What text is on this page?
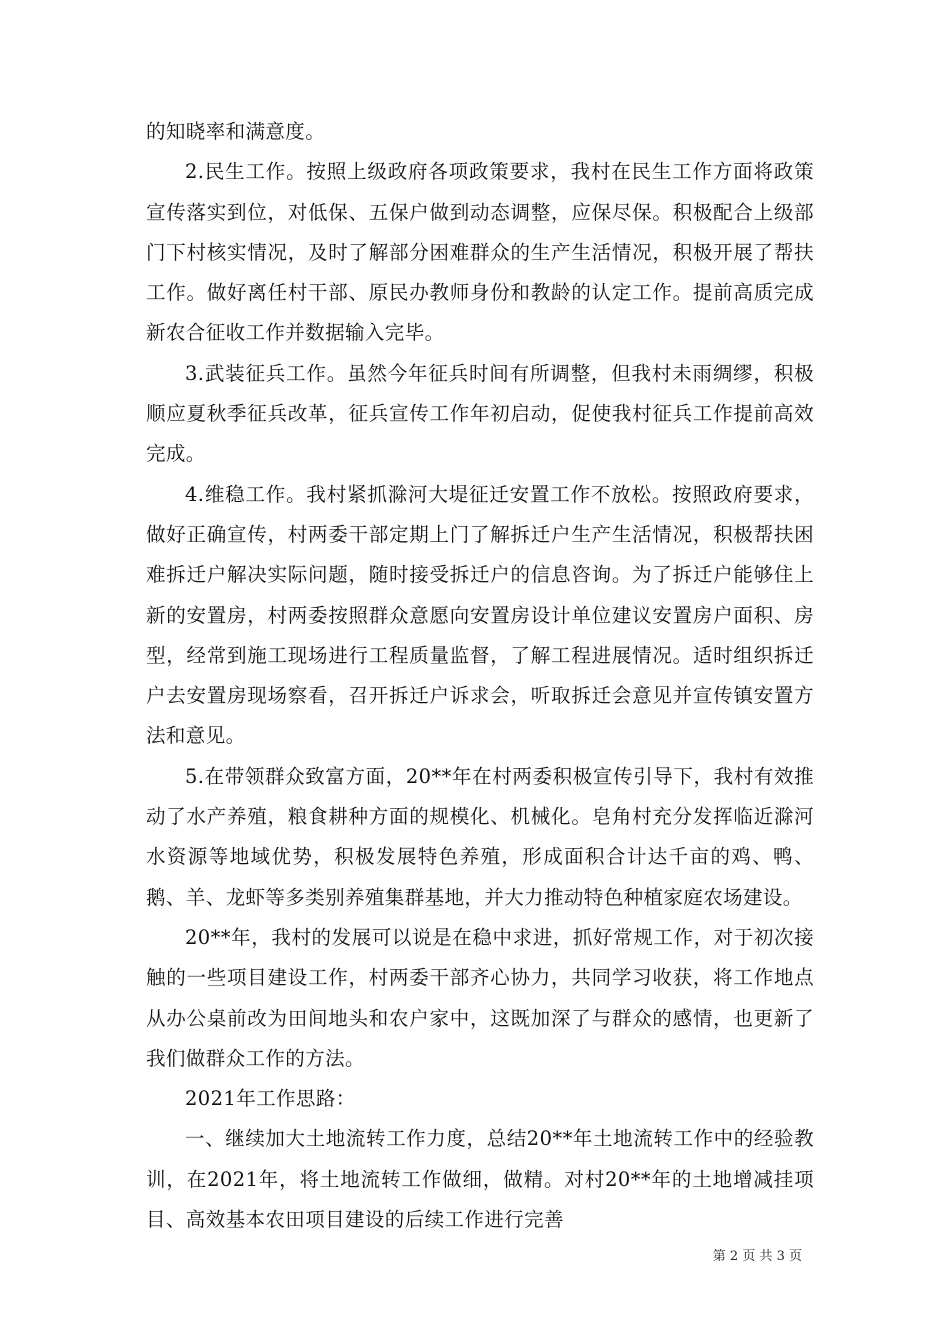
的知晓率和满意度。

2.民生工作。按照上级政府各项政策要求，我村在民生工作方面将政策宣传落实到位，对低保、五保户做到动态调整，应保尽保。积极配合上级部门下村核实情况，及时了解部分困难群众的生产生活情况，积极开展了帮扶工作。做好离任村干部、原民办教师身份和教龄的认定工作。提前高质完成新农合征收工作并数据输入完毕。

3.武装征兵工作。虽然今年征兵时间有所调整，但我村未雨绸缪，积极顺应夏秋季征兵改革，征兵宣传工作年初启动，促使我村征兵工作提前高效完成。

4.维稳工作。我村紧抓滁河大堤征迁安置工作不放松。按照政府要求，做好正确宣传，村两委干部定期上门了解拆迁户生产生活情况，积极帮扶困难拆迁户解决实际问题，随时接受拆迁户的信息咨询。为了拆迁户能够住上新的安置房，村两委按照群众意愿向安置房设计单位建议安置房户面积、房型，经常到施工现场进行工程质量监督，了解工程进展情况。适时组织拆迁户去安置房现场察看，召开拆迁户诉求会，听取拆迁会意见并宣传镇安置方法和意见。

5.在带领群众致富方面，20**年在村两委积极宣传引导下，我村有效推动了水产养殖，粮食耕种方面的规模化、机械化。皂角村充分发挥临近滁河水资源等地域优势，积极发展特色养殖，形成面积合计达千亩的鸡、鸭、鹅、羊、龙虾等多类别养殖集群基地，并大力推动特色种植家庭农场建设。

20**年，我村的发展可以说是在稳中求进，抓好常规工作，对于初次接触的一些项目建设工作，村两委干部齐心协力，共同学习收获，将工作地点从办公桌前改为田间地头和农户家中，这既加深了与群众的感情，也更新了我们做群众工作的方法。

2021年工作思路：

一、继续加大土地流转工作力度，总结20**年土地流转工作中的经验教训，在2021年，将土地流转工作做细，做精。对村20**年的土地增减挂项目、高效基本农田项目建设的后续工作进行完善

第 2 页 共 3 页
